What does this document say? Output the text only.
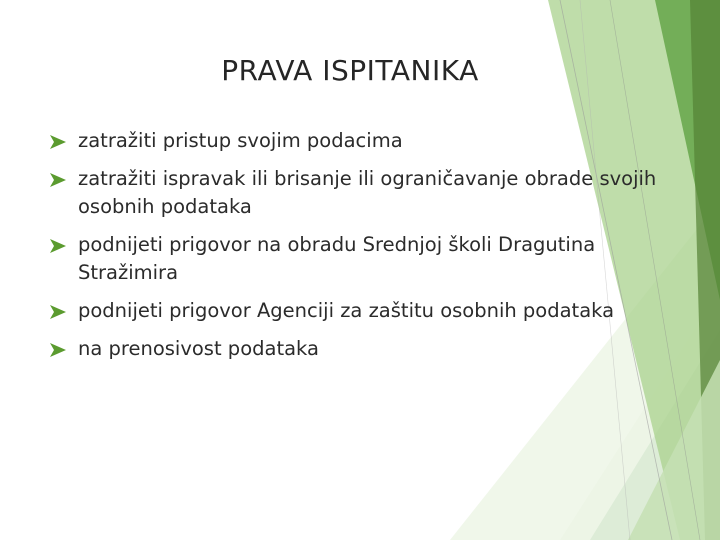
PRAVA ISPITANIKA
zatražiti pristup svojim podacima
zatražiti ispravak ili brisanje ili ograničavanje obrade svojih osobnih podataka
podnijeti prigovor na obradu Srednjoj školi Dragutina Stražimira
podnijeti prigovor Agenciji za zaštitu osobnih podataka
na prenosivost podataka
